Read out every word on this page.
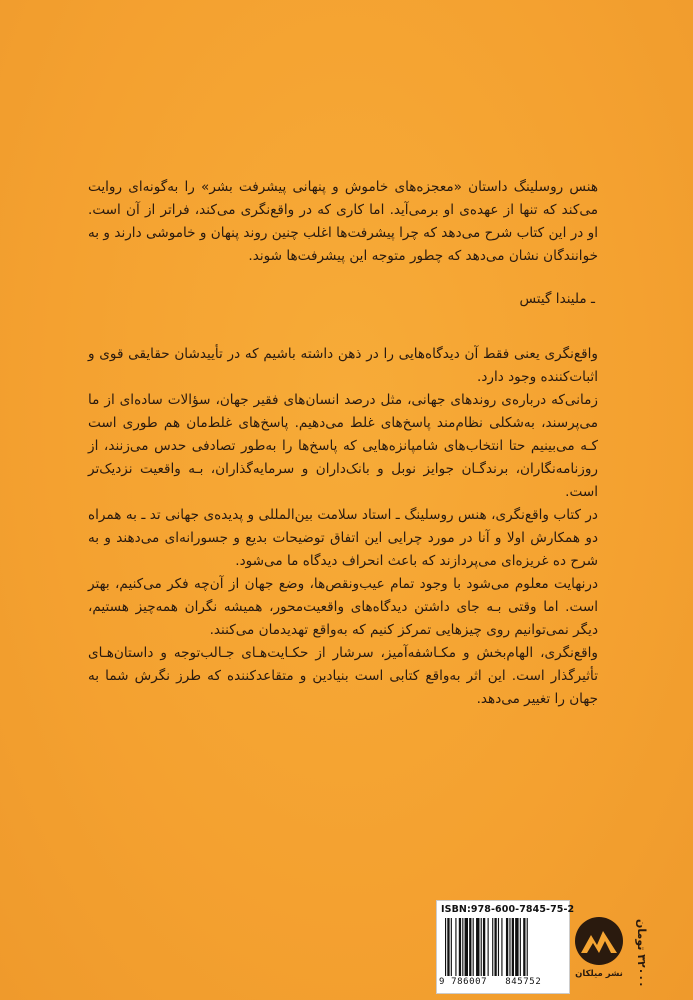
هنس روسلینگ داستان «معجزه‌های خاموش و پنهانی پیشرفت بشر» را به‌گونه‌ای روایت می‌کند که تنها از عهده‌ی او برمی‌آید. اما کاری که در واقع‌نگری می‌کند، فراتر از آن است. او در این کتاب شرح می‌دهد که چرا پیشرفت‌ها اغلب چنین روند پنهان و خاموشی دارند و به خوانندگان نشان می‌دهد که چطور متوجه این پیشرفت‌ها شوند.
ـ ملیندا گیتس

واقع‌نگری یعنی فقط آن دیدگاه‌هایی را در ذهن داشته باشیم که در تأییدشان حقایقی قوی و اثبات‌کننده وجود دارد.

زمانی‌که درباره‌ی روندهای جهانی، مثل درصد انسان‌های فقیر جهان، سؤالات ساده‌ای از ما می‌پرسند، به‌شکلی نظام‌مند پاسخ‌های غلط می‌دهیم. پاسخ‌های غلط‌مان هم طوری است کـه می‌بینیم حتا انتخاب‌های شامپانزه‌هایی که پاسخ‌ها را به‌طور تصادفی حدس می‌زنند، از روزنامه‌نگاران، برندگـان جوایز نوبل و بانک‌داران و سرمایه‌گذاران، بـه واقعیت نزدیک‌تر است.

در کتاب واقع‌نگری، هنس روسلینگ ـ استاد سلامت بین‌المللی و پدیده‌ی جهانی تد ـ به همراه دو همکارش اولا و آنا در مورد چرایی این اتفاق توضیحات بدیع و جسورانه‌ای می‌دهند و به شرح ده غریزه‌ای می‌پردازند که باعث انحراف دیدگاه ما می‌شود.

درنهایت معلوم می‌شود با وجود تمام عیب‌ونقص‌ها، وضع جهان از آن‌چه فکر می‌کنیم، بهتر است. اما وقتی بـه جای داشتن دیدگاه‌های واقعیت‌محور، همیشه نگران همه‌چیز هستیم، دیگر نمی‌توانیم روی چیزهایی تمرکز کنیم که به‌واقع تهدیدمان می‌کنند.

واقع‌نگری، الهام‌بخش و مکـاشفه‌آمیز، سرشار از حکـایت‌هـای جـالب‌توجه و داستان‌هـای تأثیرگذار است. این اثر به‌واقع کتابی است بنیادین و متقاعدکننده که طرز نگرش شما به جهان را تغییر می‌دهد.

ISBN:978-600-7845-75-2
9 786007   845752
نشر میلکان
۳۲۰۰۰ تومان
